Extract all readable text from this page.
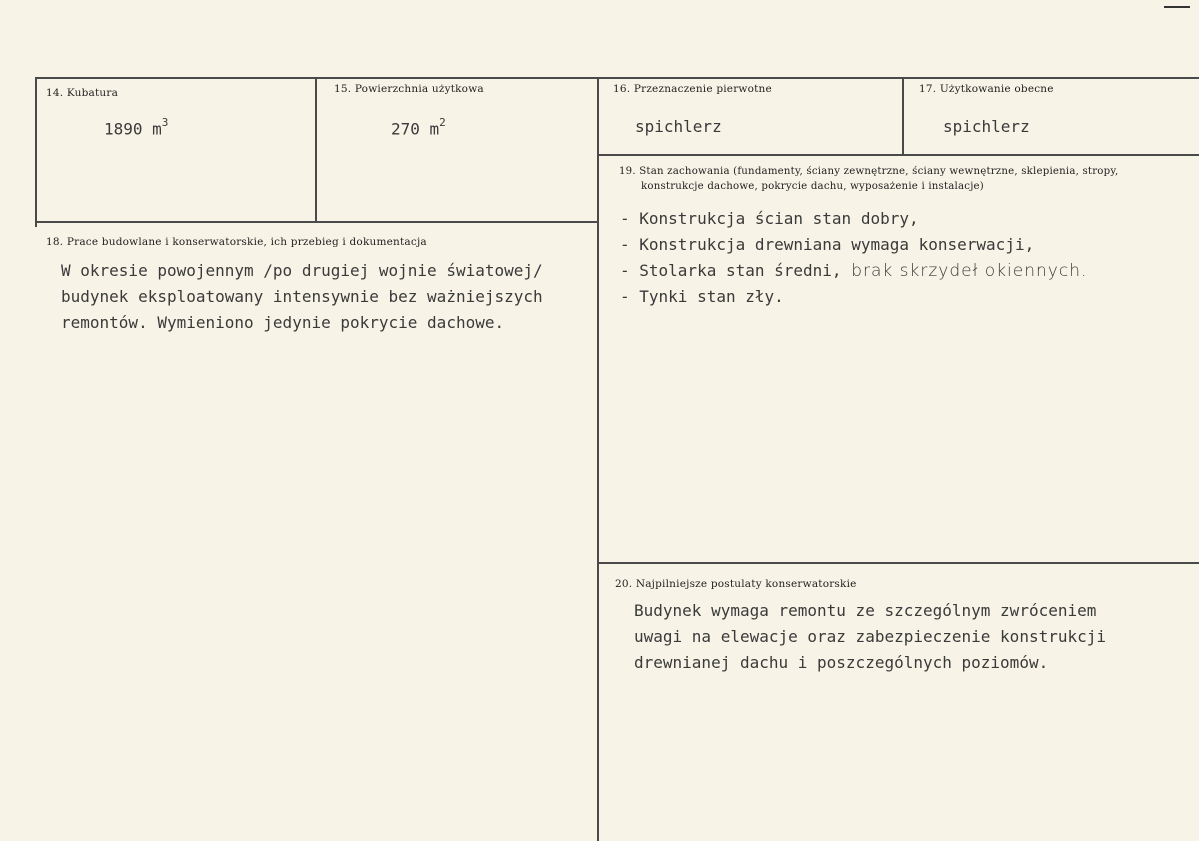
14. Kubatura
1890 $m^3$
15. Powierzchnia użytkowa
270 $m^2$
16. Przeznaczenie pierwotne
spichlerz
17. Użytkowanie obecne
spichlerz
18. Prace budowlane i konserwatorskie, ich przebieg i dokumentacja
W okresie powojennym /po drugiej wojnie światowej/
budynek eksploatowany intensywnie bez ważniejszych
remontów. Wymieniono jedynie pokrycie dachowe.
19. Stan zachowania (fundamenty, ściany zewnętrzne, ściany wewnętrzne, sklepienia, stropy,
konstrukcje dachowe, pokrycie dachu, wyposażenie i instalacje)
- Konstrukcja ścian stan dobry,
- Konstrukcja drewniana wymaga konserwacji,
- Stolarka stan średni, brak skrzydeł okiennych.
- Tynki stan zły.
20. Najpilniejsze postulaty konserwatorskie
Budynek wymaga remontu ze szczególnym zwróceniem
uwagi na elewacje oraz zabezpieczenie konstrukcji
drewnianej dachu i poszczególnych poziomów.
